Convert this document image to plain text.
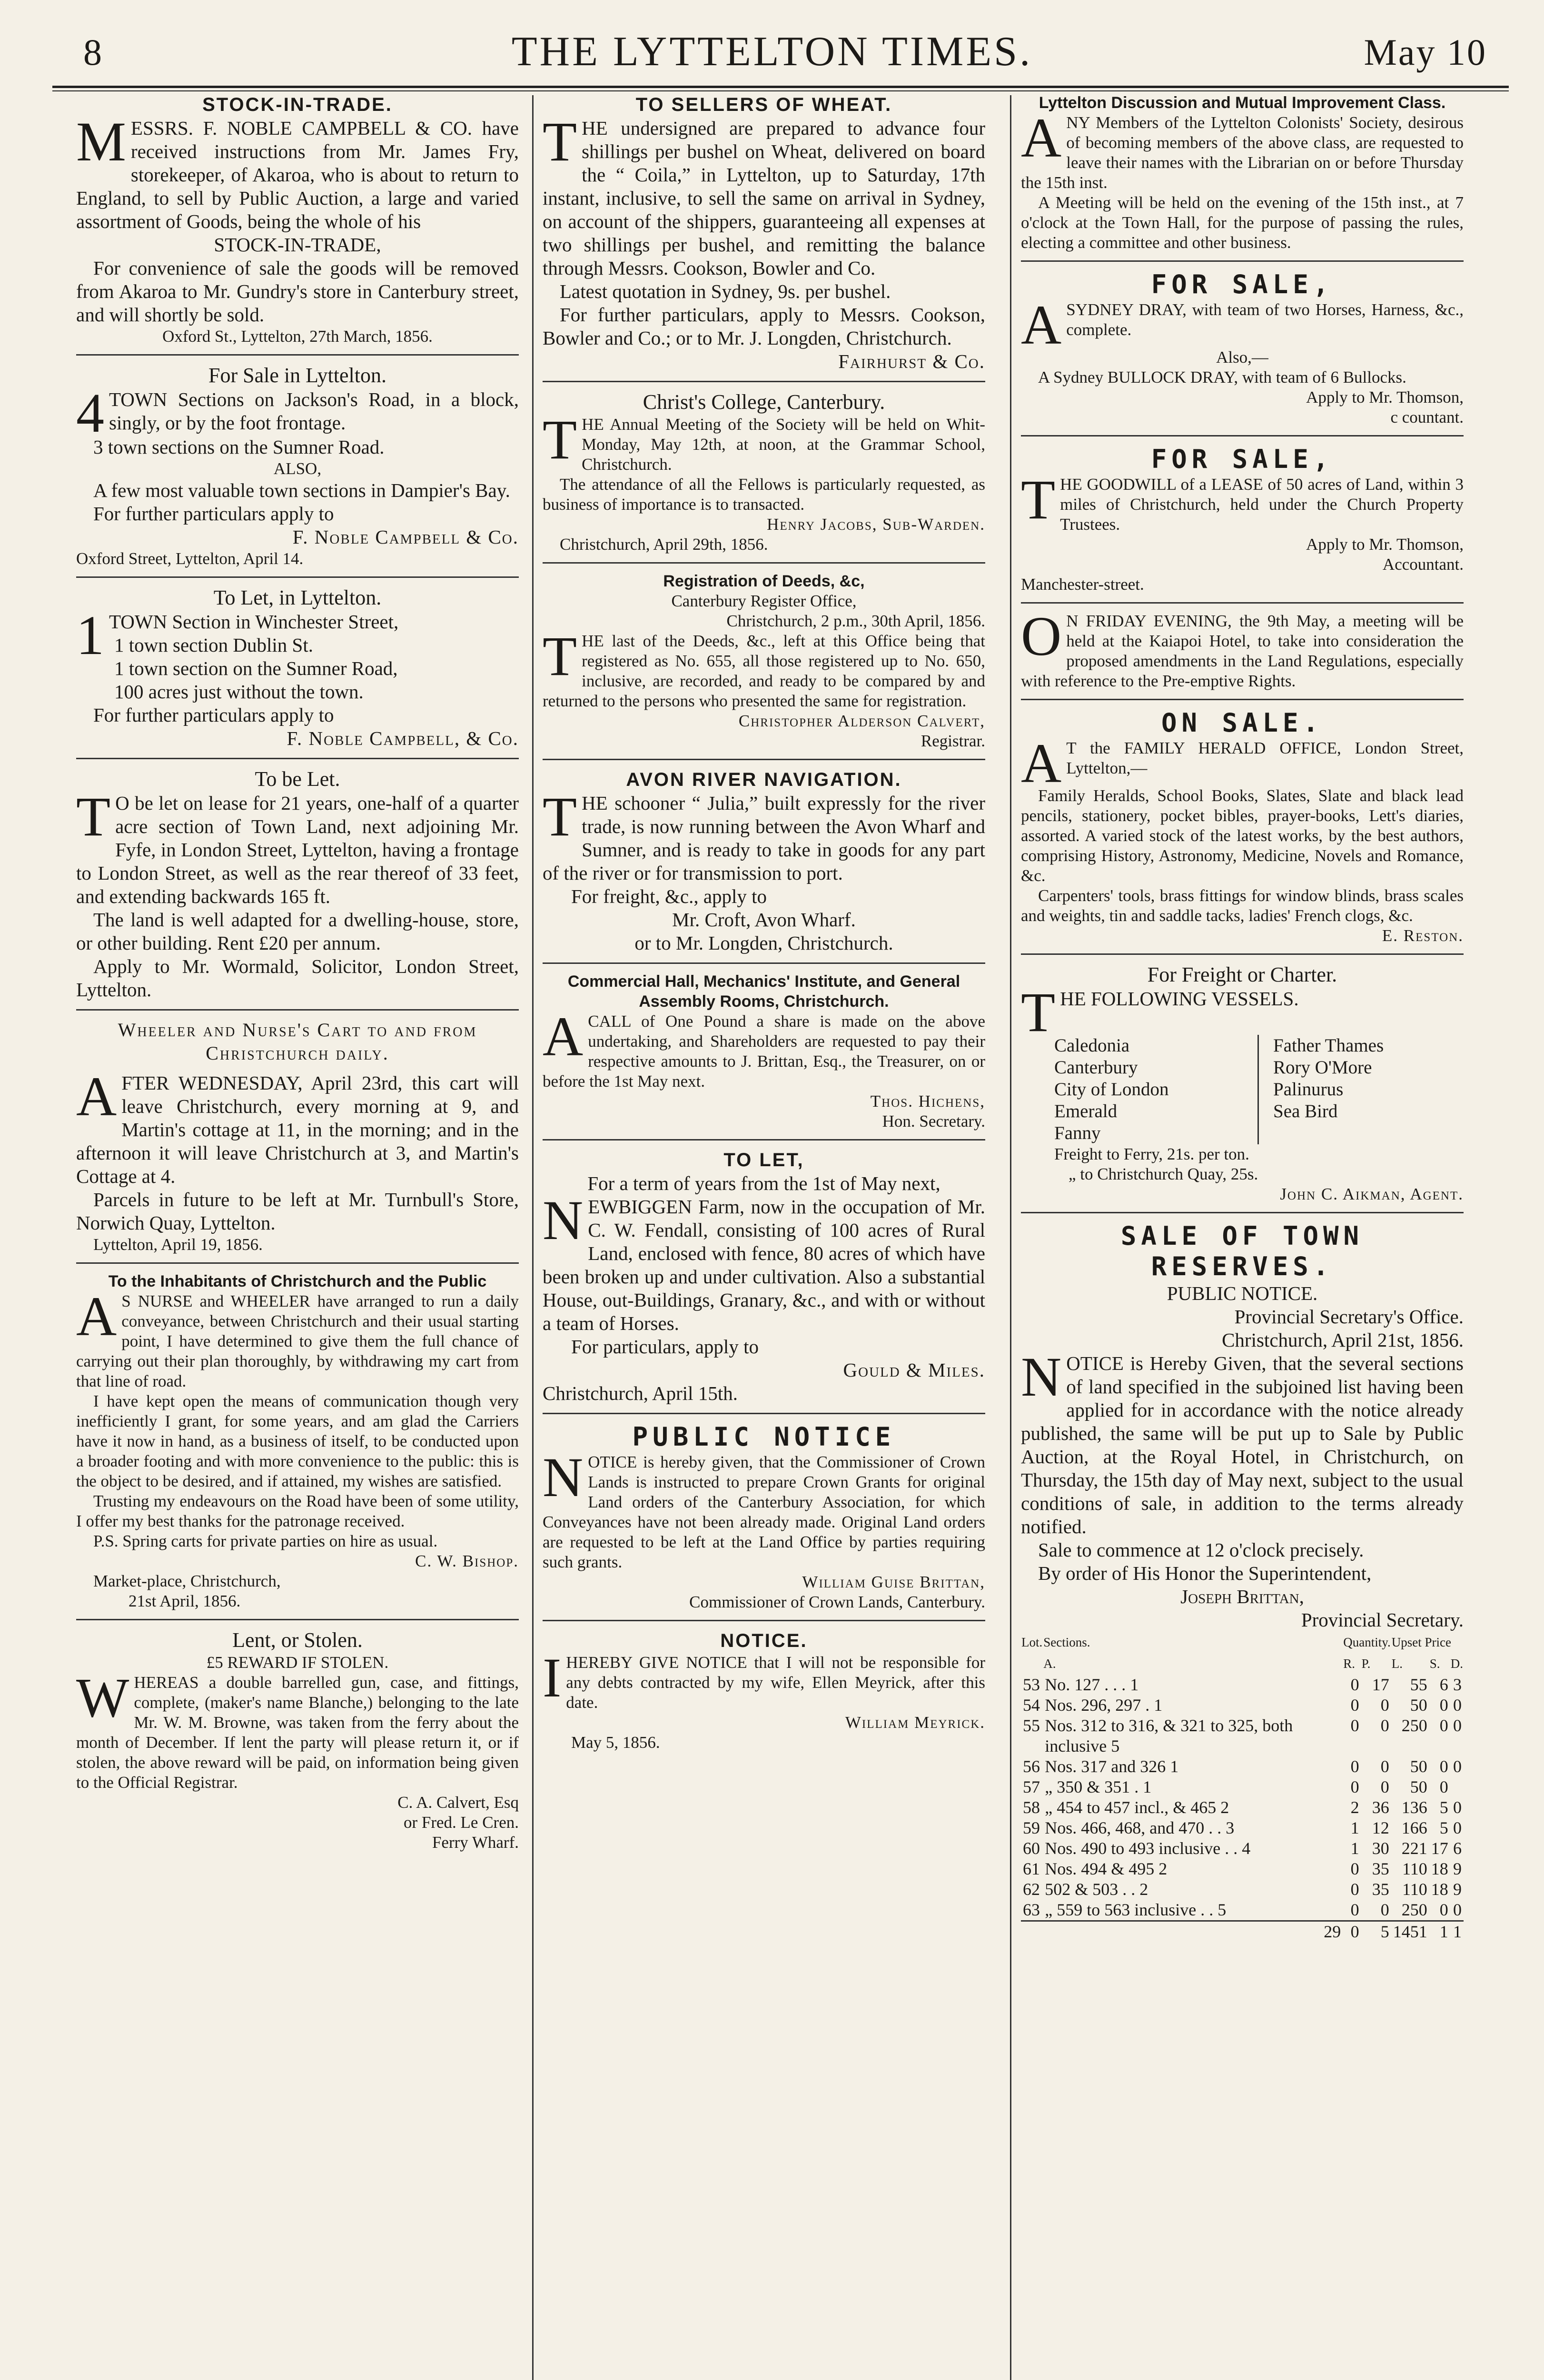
8	THE LYTTELTON TIMES.	May 10
STOCK-IN-TRADE.

MESSRS. F. NOBLE CAMPBELL & CO. have received instructions from Mr. James Fry, storekeeper, of Akaroa, who is about to return to England, to sell by Public Auction, a large and varied assortment of Goods, being the whole of his

STOCK-IN-TRADE,

For convenience of sale the goods will be removed from Akaroa to Mr. Gundry's store in Canterbury street, and will shortly be sold.

Oxford St., Lyttelton, 27th March, 1856.
For Sale in Lyttelton.

4TOWN Sections on Jackson's Road, in a block, singly, or by the foot frontage.

3 town sections on the Sumner Road.
ALSO,

A few most valuable town sections in Dampier's Bay.

For further particulars apply to
F. Noble Campbell & Co.
Oxford Street, Lyttelton, April 14.
To Let, in Lyttelton.
1TOWN Section in Winchester Street,
1 town section Dublin St.
1 town section on the Sumner Road,
100 acres just without the town.
For further particulars apply to
F. Noble Campbell, & Co.
To be Let.

TO be let on lease for 21 years, one-half of a quarter acre section of Town Land, next adjoining Mr. Fyfe, in London Street, Lyttelton, having a frontage to London Street, as well as the rear thereof of 33 feet, and extending backwards 165 ft.

The land is well adapted for a dwelling-house, store, or other building. Rent £20 per annum.

Apply to Mr. Wormald, Solicitor, London Street, Lyttelton.

Wheeler and Nurse's Cart to and from Christchurch daily.

AFTER WEDNESDAY, April 23rd, this cart will leave Christchurch, every morning at 9, and Martin's cottage at 11, in the morning; and in the afternoon it will leave Christchurch at 3, and Martin's Cottage at 4.

Parcels in future to be left at Mr. Turnbull's Store, Norwich Quay, Lyttelton.

Lyttelton, April 19, 1856.
To the Inhabitants of Christchurch and the Public

AS NURSE and WHEELER have arranged to run a daily conveyance, between Christchurch and their usual starting point, I have determined to give them the full chance of carrying out their plan thoroughly, by withdrawing my cart from that line of road.

I have kept open the means of communication though very inefficiently I grant, for some years, and am glad the Carriers have it now in hand, as a business of itself, to be conducted upon a broader footing and with more convenience to the public: this is the object to be desired, and if attained, my wishes are satisfied.

Trusting my endeavours on the Road have been of some utility, I offer my best thanks for the patronage received.

P.S. Spring carts for private parties on hire as usual.

C. W. Bishop.
Market-place, Christchurch,
21st April, 1856.
Lent, or Stolen.
£5 REWARD IF STOLEN.

WHEREAS a double barrelled gun, case, and fittings, complete, (maker's name Blanche,) belonging to the late Mr. W. M. Browne, was taken from the ferry about the month of December. If lent the party will please return it, or if stolen, the above reward will be paid, on information being given to the Official Registrar.

C. A. Calvert, Esq
or Fred. Le Cren.
Ferry Wharf.
TO SELLERS OF WHEAT.

THE undersigned are prepared to advance four shillings per bushel on Wheat, delivered on board the “ Coila,” in Lyttelton, up to Saturday, 17th instant, inclusive, to sell the same on arrival in Sydney, on account of the shippers, guaranteeing all expenses at two shillings per bushel, and remitting the balance through Messrs. Cookson, Bowler and Co.

Latest quotation in Sydney, 9s. per bushel.

For further particulars, apply to Messrs. Cookson, Bowler and Co.; or to Mr. J. Longden, Christchurch.

Fairhurst & Co.
Christ's College, Canterbury.

THE Annual Meeting of the Society will be held on Whit-Monday, May 12th, at noon, at the Grammar School, Christchurch.

The attendance of all the Fellows is particularly requested, as business of importance is to transacted.

Henry Jacobs, Sub-Warden.
Christchurch, April 29th, 1856.
Registration of Deeds, &c,
Canterbury Register Office,
Christchurch, 2 p.m., 30th April, 1856.

THE last of the Deeds, &c., left at this Office being that registered as No. 655, all those registered up to No. 650, inclusive, are recorded, and ready to be compared by and returned to the persons who presented the same for registration.

Christopher Alderson Calvert,
Registrar.
AVON RIVER NAVIGATION.

THE schooner “ Julia,” built expressly for the river trade, is now running between the Avon Wharf and Sumner, and is ready to take in goods for any part of the river or for transmission to port.

For freight, &c., apply to
Mr. Croft, Avon Wharf.
or to Mr. Longden, Christchurch.
Commercial Hall, Mechanics' Institute, and General Assembly Rooms, Christchurch.

ACALL of One Pound a share is made on the above undertaking, and Shareholders are requested to pay their respective amounts to J. Brittan, Esq., the Treasurer, on or before the 1st May next.

Thos. Hichens,
Hon. Secretary.
TO LET,
For a term of years from the 1st of May next,

NEWBIGGEN Farm, now in the occupation of Mr. C. W. Fendall, consisting of 100 acres of Rural Land, enclosed with fence, 80 acres of which have been broken up and under cultivation. Also a substantial House, out-Buildings, Granary, &c., and with or without a team of Horses.

For particulars, apply to
Gould & Miles.
Christchurch, April 15th.
PUBLIC NOTICE

NOTICE is hereby given, that the Commissioner of Crown Lands is instructed to prepare Crown Grants for original Land orders of the Canterbury Association, for which Conveyances have not been already made. Original Land orders are requested to be left at the Land Office by parties requiring such grants.

William Guise Brittan,
Commissioner of Crown Lands, Canterbury.
NOTICE.

IHEREBY GIVE NOTICE that I will not be responsible for any debts contracted by my wife, Ellen Meyrick, after this date.

William Meyrick.
May 5, 1856.
Lyttelton Discussion and Mutual Improvement Class.

ANY Members of the Lyttelton Colonists' Society, desirous of becoming members of the above class, are requested to leave their names with the Librarian on or before Thursday the 15th inst.

A Meeting will be held on the evening of the 15th inst., at 7 o'clock at the Town Hall, for the purpose of passing the rules, electing a committee and other business.

FOR SALE,

ASYDNEY DRAY, with team of two Horses, Harness, &c., complete.

Also,—

A Sydney BULLOCK DRAY, with team of 6 Bullocks.

Apply to Mr. Thomson,
c countant.
FOR SALE,

THE GOODWILL of a LEASE of 50 acres of Land, within 3 miles of Christchurch, held under the Church Property Trustees.

Apply to Mr. Thomson,
Accountant.
Manchester-street.

ON FRIDAY EVENING, the 9th May, a meeting will be held at the Kaiapoi Hotel, to take into consideration the proposed amendments in the Land Regulations, especially with reference to the Pre-emptive Rights.

ON SALE.

AT the FAMILY HERALD OFFICE, London Street, Lyttelton,—

Family Heralds, School Books, Slates, Slate and black lead pencils, stationery, pocket bibles, prayer-books, Lett's diaries, assorted. A varied stock of the latest works, by the best authors, comprising History, Astronomy, Medicine, Novels and Romance, &c.

Carpenters' tools, brass fittings for window blinds, brass scales and weights, tin and saddle tacks, ladies' French clogs, &c.

E. Reston.
For Freight or Charter.
THE FOLLOWING VESSELS.
Caledonia
Canterbury
City of London
Emerald
Fanny
Father Thames
Rory O'More
Palinurus
Sea Bird
Freight to Ferry, 21s. per ton.
„ to Christchurch Quay, 25s.
John C. Aikman, Agent.
SALE OF TOWN RESERVES.
PUBLIC NOTICE.
Provincial Secretary's Office.
Christchurch, April 21st, 1856.

NOTICE is Hereby Given, that the several sections of land specified in the subjoined list having been applied for in accordance with the notice already published, the same will be put up to Sale by Public Auction, at the Royal Hotel, in Christchurch, on Thursday, the 15th day of May next, subject to the usual conditions of sale, in addition to the terms already notified.

Sale to commence at 12 o'clock precisely.

By order of His Honor the Superintendent,

Joseph Brittan,
Provincial Secretary.
Lot.	Sections.	Quantity.		Upset Price		
	A.	R.	P.	L.	S.	D.
53	No. 127 . . . 1	0	17	55	6	3
54	Nos. 296, 297 . 1	0	0	50	0	0
55	Nos. 312 to 316, & 321 to 325, both inclusive 5	0	0	250	0	0
56	Nos. 317 and 326 1	0	0	50	0	0
57	„ 350 & 351 . 1	0	0	50	0	
58	„ 454 to 457 incl., & 465 2	2	36	136	5	0
59	Nos. 466, 468, and 470 . . 3	1	12	166	5	0
60	Nos. 490 to 493 inclusive . . 4	1	30	221	17	6
61	Nos. 494 & 495 2	0	35	110	18	9
62	502 & 503 . . 2	0	35	110	18	9
63	„ 559 to 563 inclusive . . 5	0	0	250	0	0
	29	0	5	1451	1	1
